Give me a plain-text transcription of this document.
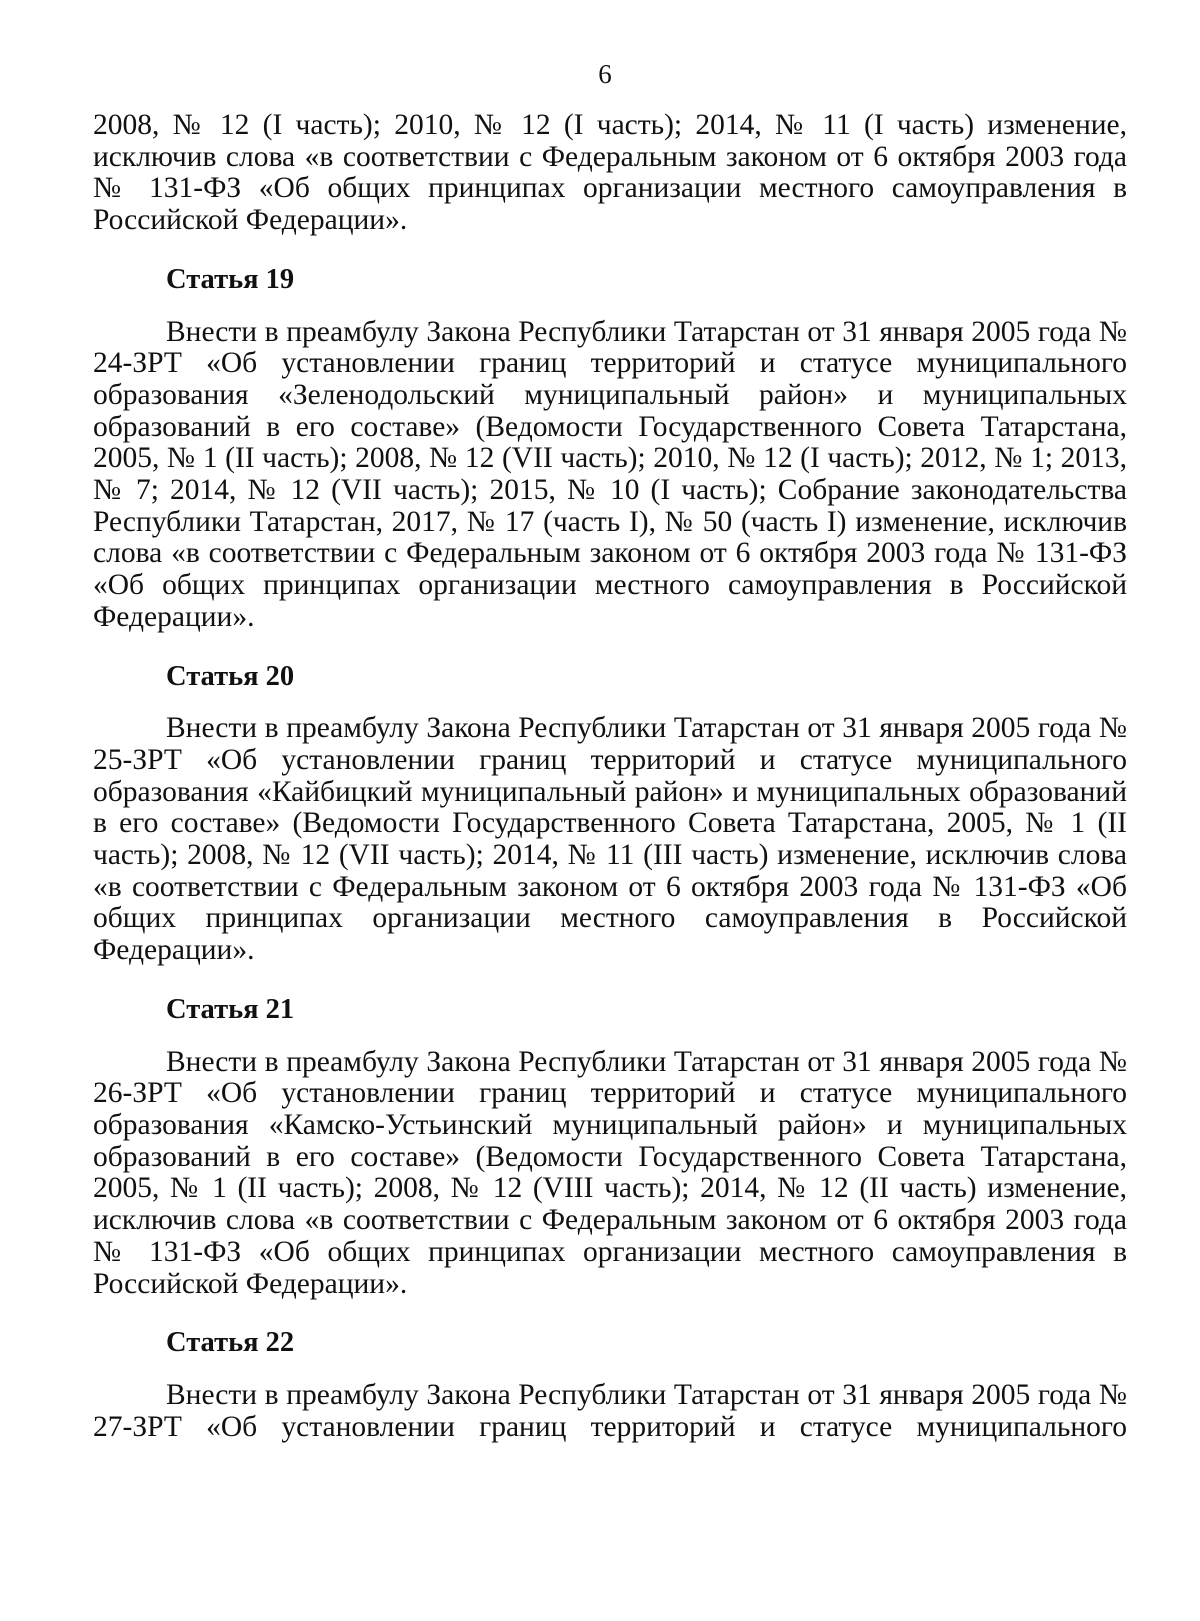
6

2008, № 12 (I часть); 2010, № 12 (I часть); 2014, № 11 (I часть) изменение, исключив слова «в соответствии с Федеральным законом от 6 октября 2003 года № 131-ФЗ «Об общих принципах организации местного самоуправления в Российской Федерации».

Статья 19

Внести в преамбулу Закона Республики Татарстан от 31 января 2005 года № 24-ЗРТ «Об установлении границ территорий и статусе муниципального образования «Зеленодольский муниципальный район» и муниципальных образований в его составе» (Ведомости Государственного Совета Татарстана, 2005, № 1 (II часть); 2008, № 12 (VII часть); 2010, № 12 (I часть); 2012, № 1; 2013, № 7; 2014, № 12 (VII часть); 2015, № 10 (I часть); Собрание законодательства Республики Татарстан, 2017, № 17 (часть I), № 50 (часть I) изменение, исключив слова «в соответствии с Федеральным законом от 6 октября 2003 года № 131-ФЗ «Об общих принципах организации местного самоуправления в Российской Федерации».

Статья 20

Внести в преамбулу Закона Республики Татарстан от 31 января 2005 года № 25-ЗРТ «Об установлении границ территорий и статусе муниципального образования «Кайбицкий муниципальный район» и муниципальных образований в его составе» (Ведомости Государственного Совета Татарстана, 2005, № 1 (II часть); 2008, № 12 (VII часть); 2014, № 11 (III часть) изменение, исключив слова «в соответствии с Федеральным законом от 6 октября 2003 года № 131-ФЗ «Об общих принципах организации местного самоуправления в Российской Федерации».

Статья 21

Внести в преамбулу Закона Республики Татарстан от 31 января 2005 года № 26-ЗРТ «Об установлении границ территорий и статусе муниципального образования «Камско-Устьинский муниципальный район» и муниципальных образований в его составе» (Ведомости Государственного Совета Татарстана, 2005, № 1 (II часть); 2008, № 12 (VIII часть); 2014, № 12 (II часть) изменение, исключив слова «в соответствии с Федеральным законом от 6 октября 2003 года № 131-ФЗ «Об общих принципах организации местного самоуправления в Российской Федерации».

Статья 22

Внести в преамбулу Закона Республики Татарстан от 31 января 2005 года № 27-ЗРТ «Об установлении границ территорий и статусе муниципального
